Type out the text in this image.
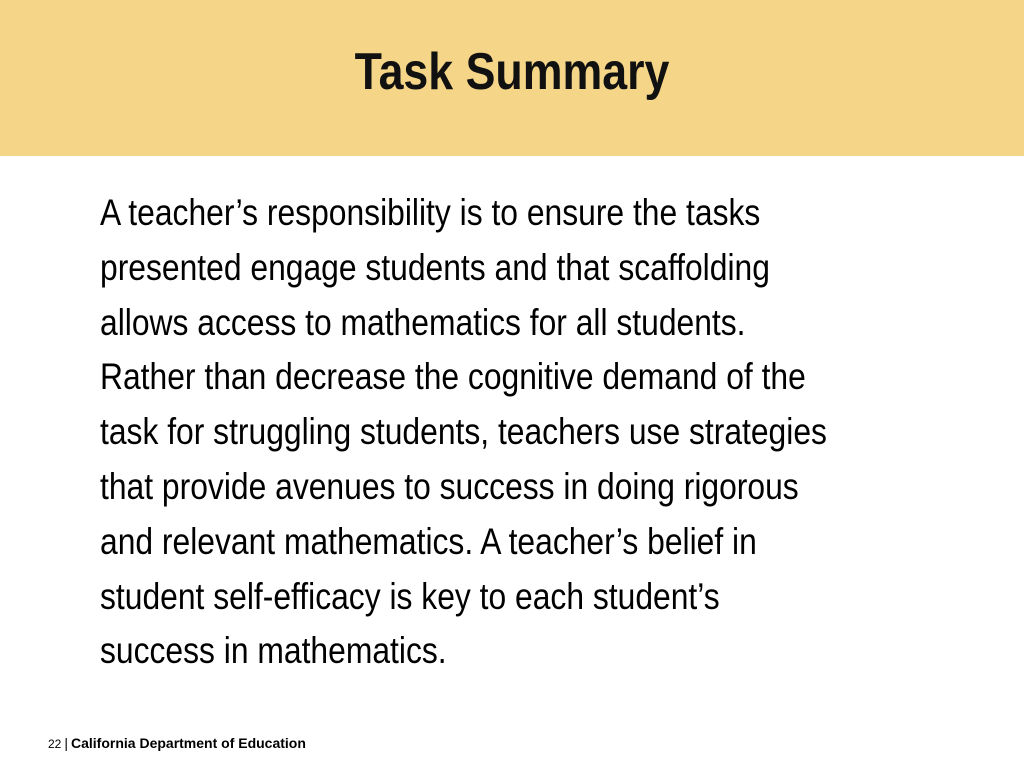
Task Summary
A teacher’s responsibility is to ensure the tasks
presented engage students and that scaffolding
allows access to mathematics for all students.
Rather than decrease the cognitive demand of the
task for struggling students, teachers use strategies
that provide avenues to success in doing rigorous
and relevant mathematics. A teacher’s belief in
student self-efficacy is key to each student’s
success in mathematics.
22 | California Department of Education
